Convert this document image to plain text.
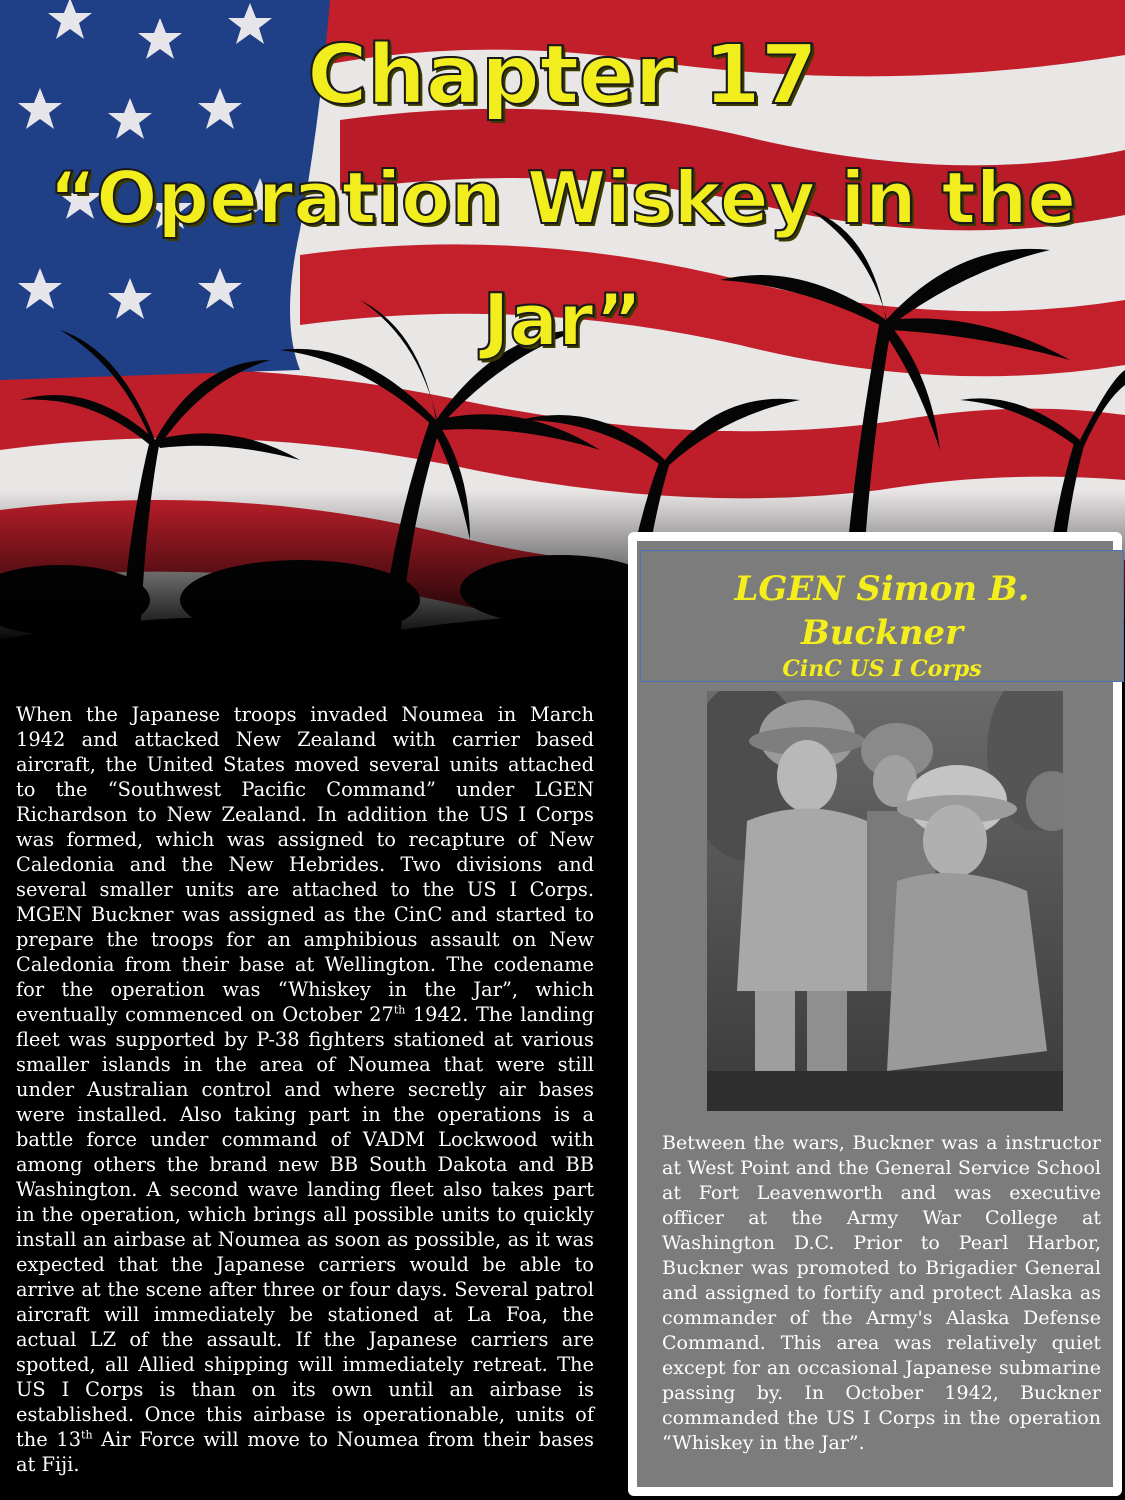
Chapter 17
“Operation Wiskey in the
Jar”
When the Japanese troops invaded Noumea in March 1942 and attacked New Zealand with carrier based aircraft, the United States moved several units attached to the “Southwest Pacific Command” under LGEN Richardson to New Zealand. In addition the US I Corps was formed, which was assigned to recapture of New Caledonia and the New Hebrides. Two divisions and several smaller units are attached to the US I Corps. MGEN Buckner was assigned as the CinC and started to prepare the troops for an amphibious assault on New Caledonia from their base at Wellington. The codename for the operation was “Whiskey in the Jar”, which eventually commenced on October 27th 1942. The landing fleet was supported by P-38 fighters stationed at various smaller islands in the area of Noumea that were still under Australian control and where secretly air bases were installed. Also taking part in the operations is a battle force under command of VADM Lockwood with among others the brand new BB South Dakota and BB Washington. A second wave landing fleet also takes part in the operation, which brings all possible units to quickly install an airbase at Noumea as soon as possible, as it was expected that the Japanese carriers would be able to arrive at the scene after three or four days. Several patrol aircraft will immediately be stationed at La Foa, the actual LZ of the assault. If the Japanese carriers are spotted, all Allied shipping will immediately retreat. The US I Corps is than on its own until an airbase is established. Once this airbase is operationable, units of the 13th Air Force will move to Noumea from their bases at Fiji.
LGEN Simon B.
Buckner
CinC US I Corps
Between the wars, Buckner was a instructor at West Point and the General Service School at Fort Leavenworth and was executive officer at the Army War College at Washington D.C. Prior to Pearl Harbor, Buckner was promoted to Brigadier General and assigned to fortify and protect Alaska as commander of the Army's Alaska Defense Command. This area was relatively quiet except for an occasional Japanese submarine passing by. In October 1942, Buckner commanded the US I Corps in the operation “Whiskey in the Jar”.
